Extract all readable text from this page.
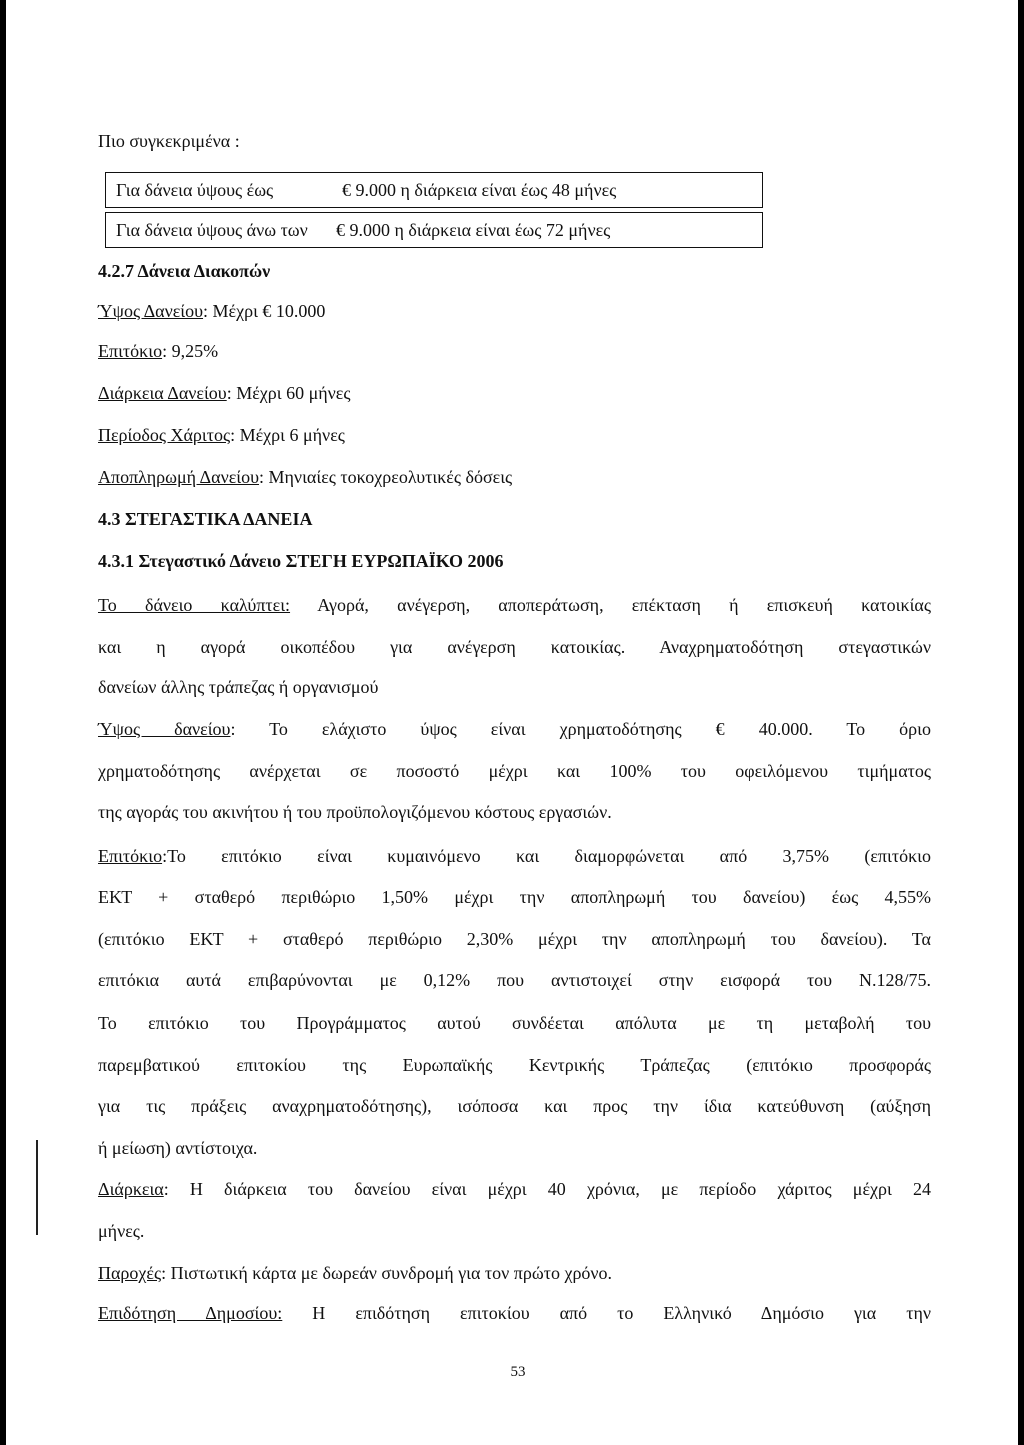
Πιο συγκεκριμένα :
Για δάνεια ύψους έως	€ 9.000 η διάρκεια είναι έως 48 μήνες
Για δάνεια ύψους άνω των € 9.000 η διάρκεια είναι έως 72 μήνες
4.2.7 Δάνεια Διακοπών
Ύψος Δανείου: Μέχρι € 10.000
Επιτόκιο: 9,25%
Διάρκεια Δανείου: Μέχρι 60 μήνες
Περίοδος Χάριτος: Μέχρι 6 μήνες
Αποπληρωμή Δανείου: Μηνιαίες τοκοχρεολυτικές δόσεις
4.3 ΣΤΕΓΑΣΤΙΚΑ ΔΑΝΕΙΑ
4.3.1 Στεγαστικό Δάνειο ΣΤΕΓΗ ΕΥΡΩΠΑΪΚΟ 2006
Το δάνειο καλύπτει: Αγορά, ανέγερση, αποπεράτωση, επέκταση ή επισκευή κατοικίας
και η αγορά οικοπέδου για ανέγερση κατοικίας. Αναχρηματοδότηση στεγαστικών
δανείων άλλης τράπεζας ή οργανισμού
Ύψος δανείου: Το ελάχιστο ύψος είναι χρηματοδότησης € 40.000. Το όριο
χρηματοδότησης ανέρχεται σε ποσοστό μέχρι και 100% του οφειλόμενου τιμήματος
της αγοράς του ακινήτου ή του προϋπολογιζόμενου κόστους εργασιών.
Επιτόκιο:Το επιτόκιο είναι κυμαινόμενο και διαμορφώνεται από 3,75% (επιτόκιο
ΕΚΤ + σταθερό περιθώριο 1,50% μέχρι την αποπληρωμή του δανείου) έως 4,55%
(επιτόκιο ΕΚΤ + σταθερό περιθώριο 2,30% μέχρι την αποπληρωμή του δανείου). Τα
επιτόκια αυτά επιβαρύνονται με 0,12% που αντιστοιχεί στην εισφορά του Ν.128/75.
Το επιτόκιο του Προγράμματος αυτού συνδέεται απόλυτα με τη μεταβολή του
παρεμβατικού επιτοκίου της Ευρωπαϊκής Κεντρικής Τράπεζας (επιτόκιο προσφοράς
για τις πράξεις αναχρηματοδότησης), ισόποσα και προς την ίδια κατεύθυνση (αύξηση
ή μείωση) αντίστοιχα.
Διάρκεια: Η διάρκεια του δανείου είναι μέχρι 40 χρόνια, με περίοδο χάριτος μέχρι 24
μήνες.
Παροχές: Πιστωτική κάρτα με δωρεάν συνδρομή για τον πρώτο χρόνο.
Επιδότηση Δημοσίου: Η επιδότηση επιτοκίου από το Ελληνικό Δημόσιο για την
53
